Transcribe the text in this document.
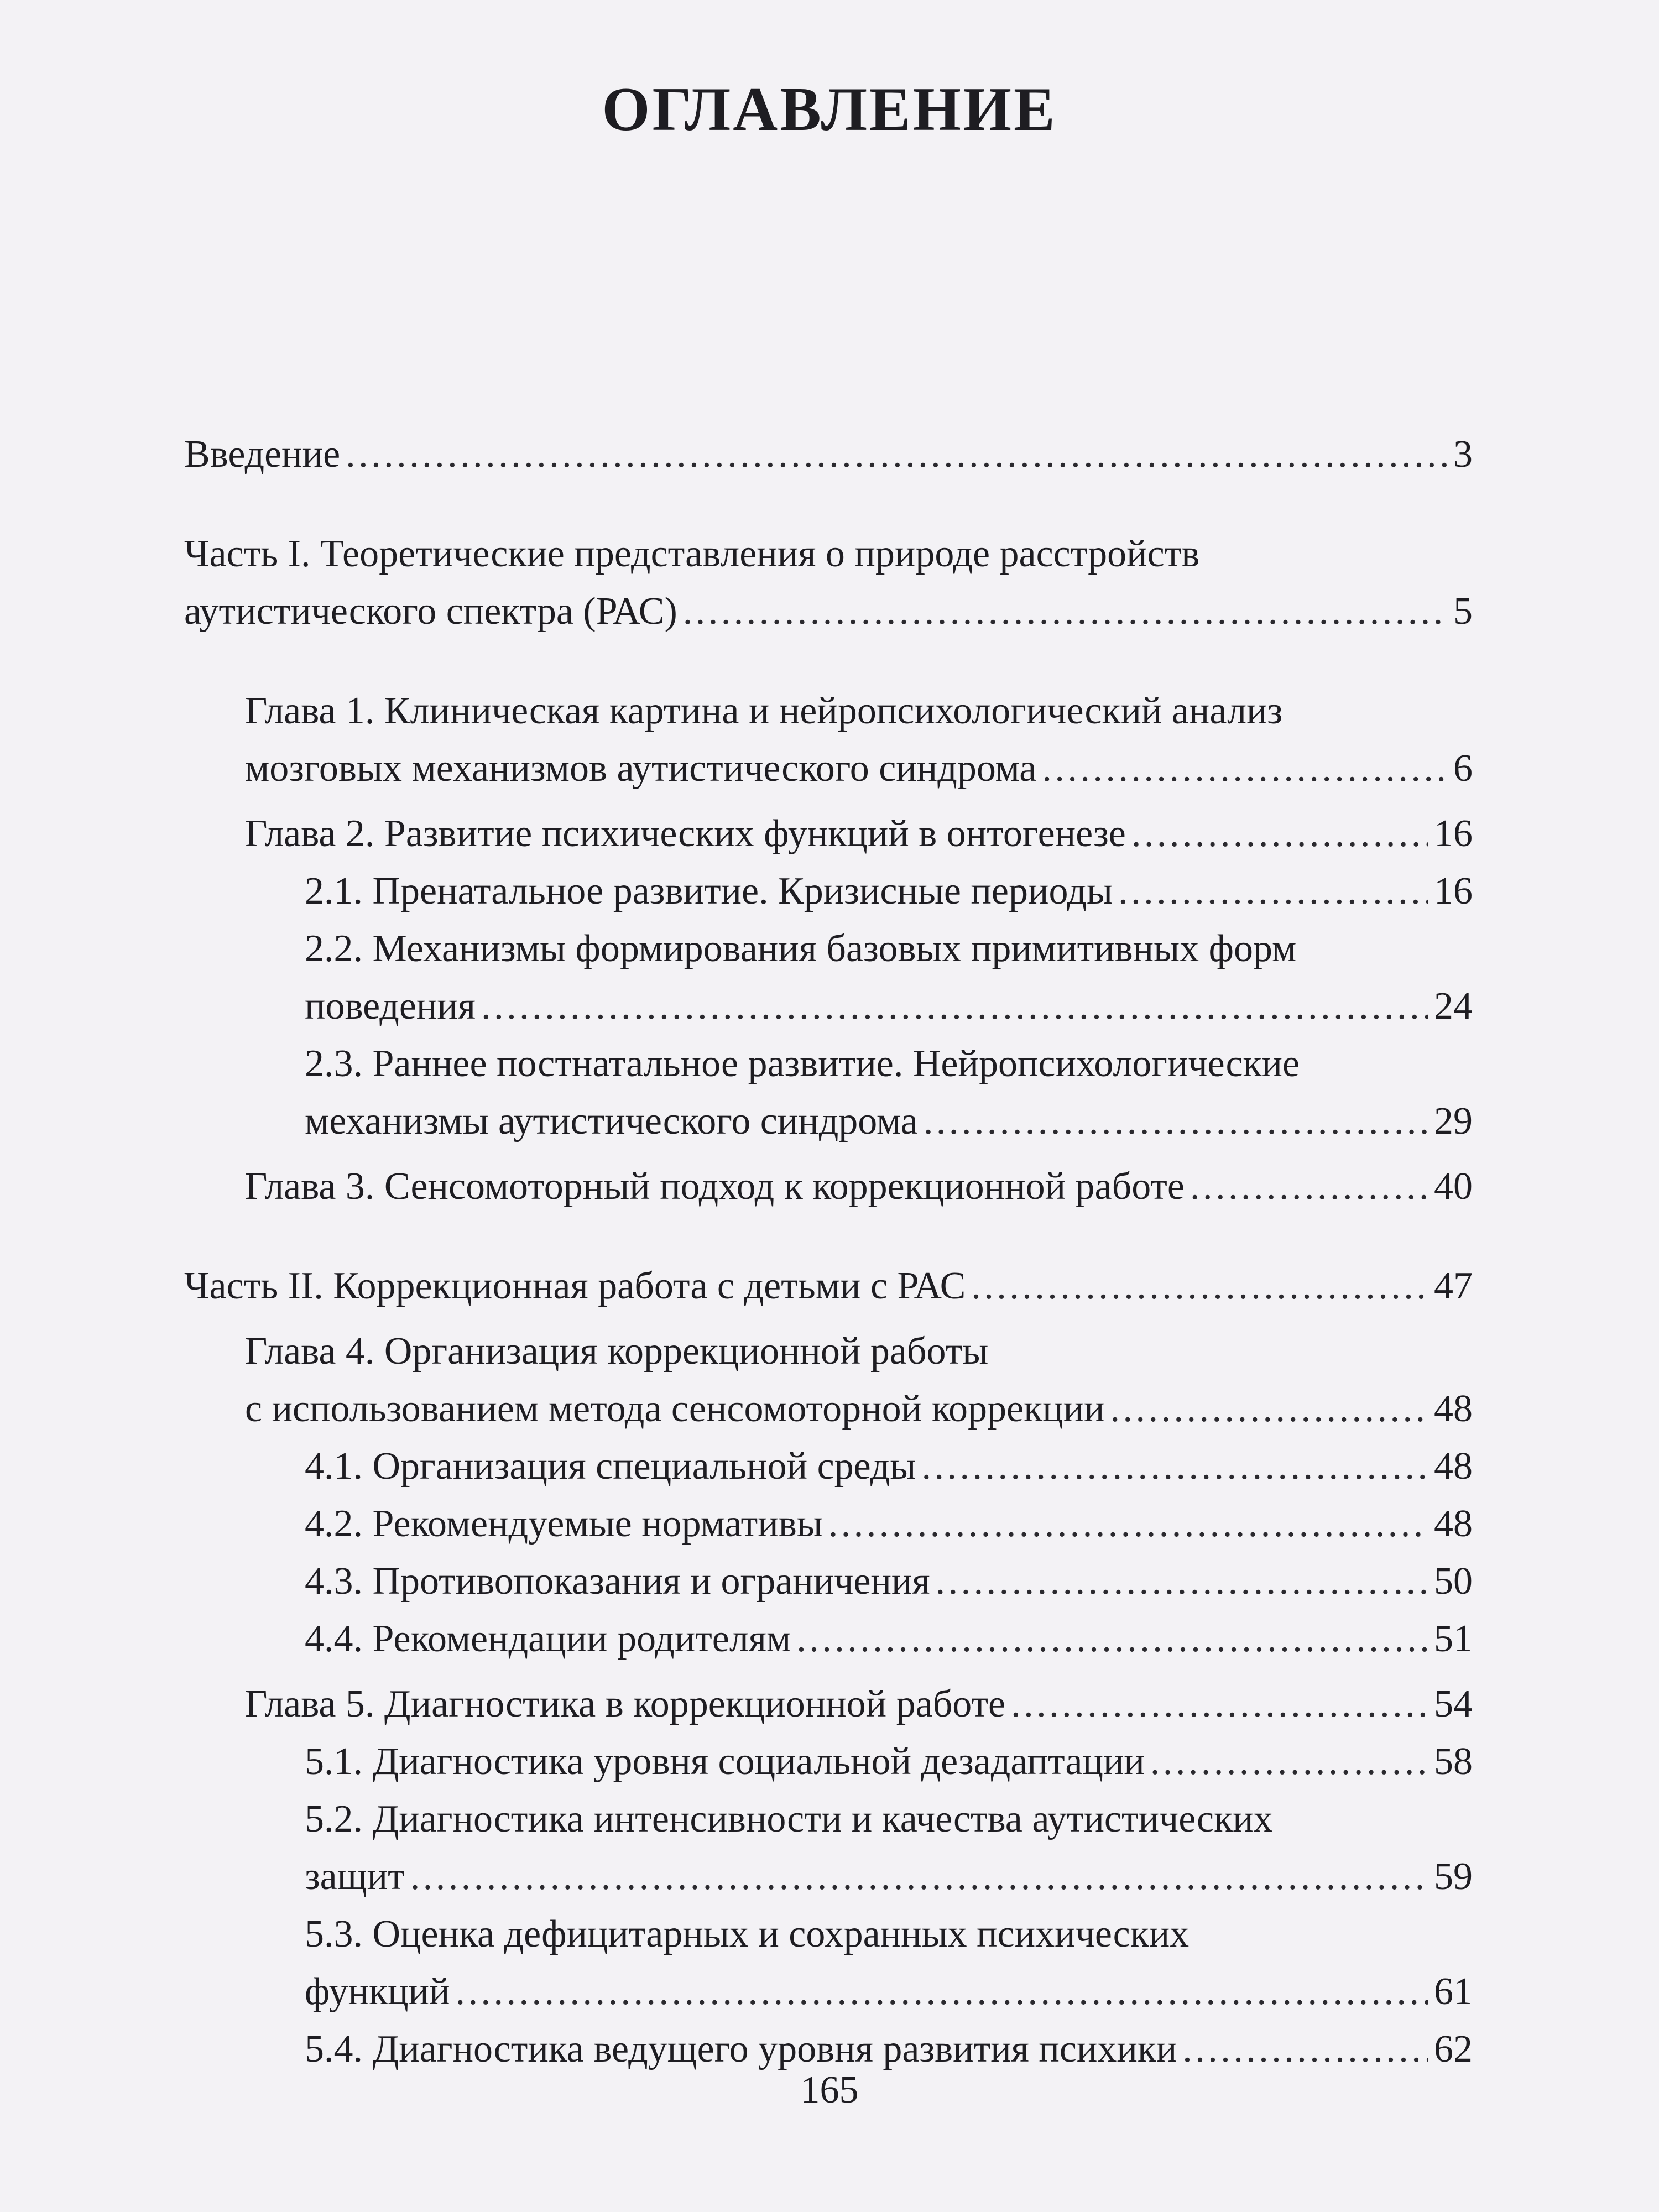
ОГЛАВЛЕНИЕ
Введение . . .	3
Часть I. Теоретические представления о природе расстройств
аутистического спектра (РАС) . . .	5
Глава 1. Клиническая картина и нейропсихологический анализ
мозговых механизмов аутистического синдрома . . .	6
Глава 2. Развитие психических функций в онтогенезе . . .	16
2.1. Пренатальное развитие. Кризисные периоды . . .	16
2.2. Механизмы формирования базовых примитивных форм
поведения . . .	24
2.3. Раннее постнатальное развитие. Нейропсихологические
механизмы аутистического синдрома . . .	29
Глава 3. Сенсомоторный подход к коррекционной работе . . .	40
Часть II. Коррекционная работа с детьми с РАС . . .	47
Глава 4. Организация коррекционной работы
с использованием метода сенсомоторной коррекции . . .	48
4.1. Организация специальной среды . . .	48
4.2. Рекомендуемые нормативы . . .	48
4.3. Противопоказания и ограничения . . .	50
4.4. Рекомендации родителям . . .	51
Глава 5. Диагностика в коррекционной работе . . .	54
5.1. Диагностика уровня социальной дезадаптации . . .	58
5.2. Диагностика интенсивности и качества аутистических
защит . . .	59
5.3. Оценка дефицитарных и сохранных психических
функций . . .	61
5.4. Диагностика ведущего уровня развития психики . . .	62
165
